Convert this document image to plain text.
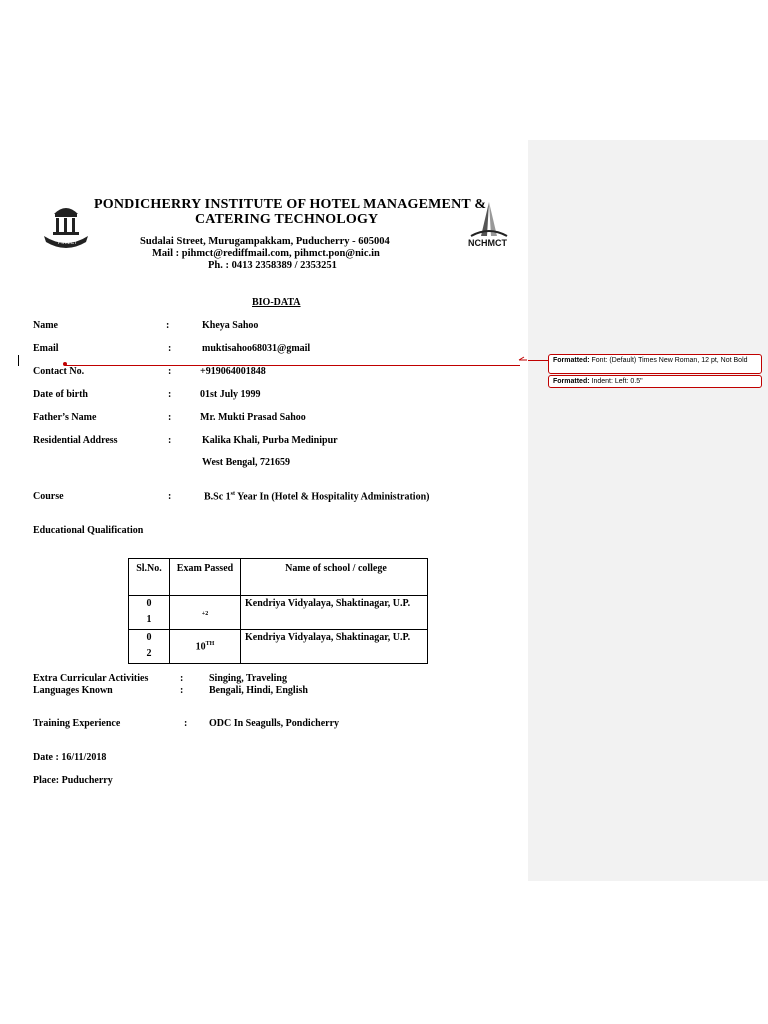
PIHMCT	NCHMCT
PONDICHERRY INSTITUTE OF HOTEL MANAGEMENT &
CATERING TECHNOLOGY
Sudalai Street, Murugampakkam, Puducherry - 605004
Mail : pihmct@rediffmail.com, pihmct.pon@nic.in
Ph. : 0413 2358389 / 2353251
BIO-DATA
Name	:	Kheya Sahoo
Email	:	muktisahoo68031@gmail
Contact No.	:	+919064001848
Date of birth	:	01st July 1999
Father’s Name	:	Mr. Mukti Prasad Sahoo
Residential Address	:	Kalika Khali, Purba Medinipur
West Bengal, 721659
Course	:	B.Sc 1st Year In (Hotel & Hospitality Administration)
Educational Qualification
Sl.No.	Exam Passed	Name of school / college

0
1	+2	Kendriya Vidyalaya, Shaktinagar, U.P.

0
2	10TH	Kendriya Vidyalaya, Shaktinagar, U.P.
Extra Curricular Activities	:	Singing, Traveling
Languages Known	:	Bengali, Hindi, English
Training Experience	: ODC In Seagulls, Pondicherry
Date : 16/11/2018
Place: Puducherry
Formatted: Font: (Default) Times New Roman, 12 pt, Not Bold
Formatted: Indent: Left: 0.5"
